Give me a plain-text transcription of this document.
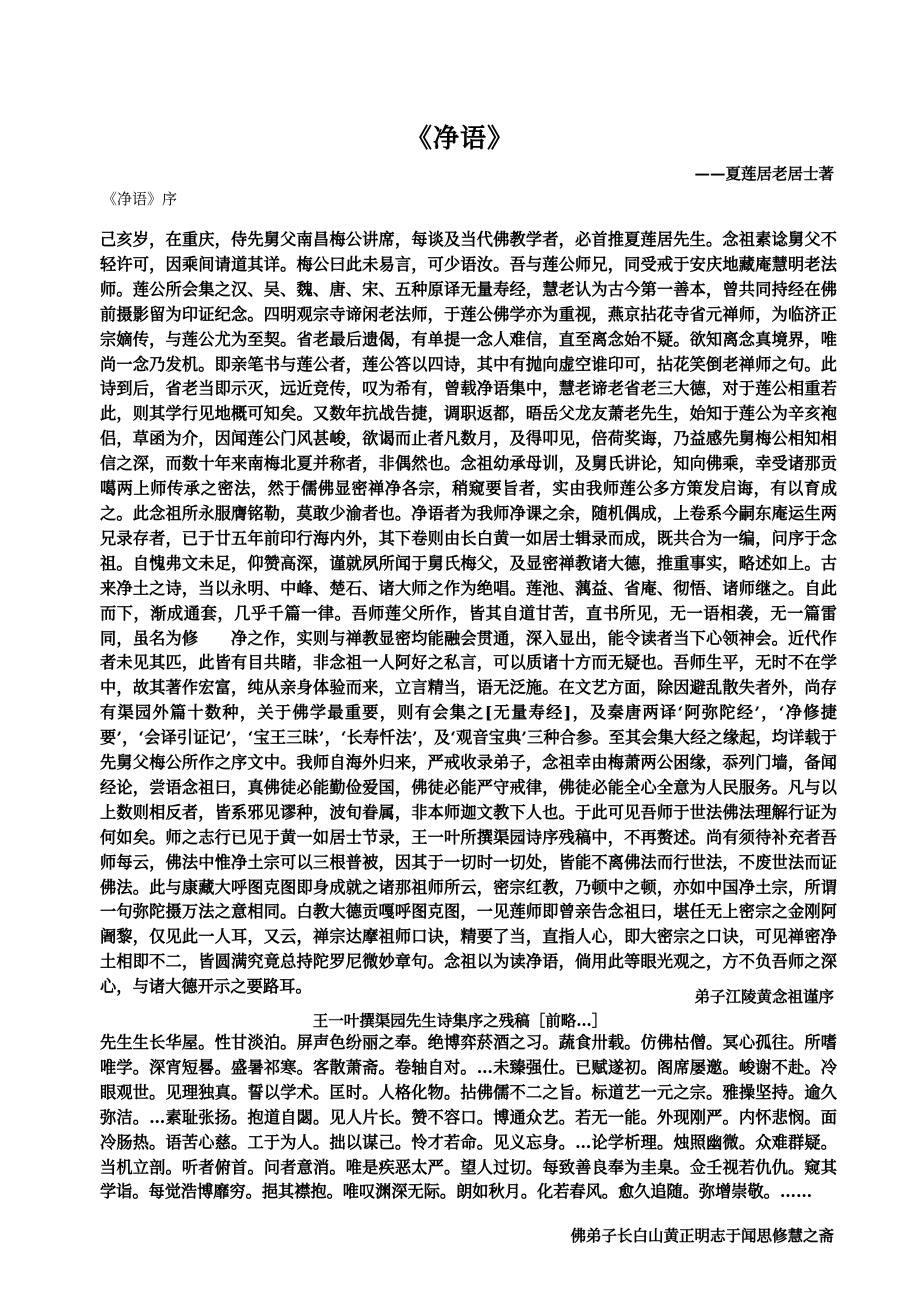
《净语》
——夏莲居老居士著
《净语》序
己亥岁，在重庆，侍先舅父南昌梅公讲席，每谈及当代佛教学者，必首推夏莲居先生。念祖素谂舅父不轻许可，因乘间请道其详。梅公曰此未易言，可少语汝。吾与莲公师兄，同受戒于安庆地藏庵慧明老法师。莲公所会集之汉、吴、魏、唐、宋、五种原译无量寿经，慧老认为古今第一善本，曾共同持经在佛前摄影留为印证纪念。四明观宗寺谛闲老法师，于莲公佛学亦为重视，燕京拈花寺省元禅师，为临济正宗嫡传，与莲公尤为至契。省老最后遗偈，有单提一念人难信，直至离念始不疑。欲知离念真境界，唯尚一念乃发机。即亲笔书与莲公者，莲公答以四诗，其中有抛向虚空谁印可，拈花笑倒老禅师之句。此诗到后，省老当即示灭，远近竞传，叹为希有，曾载净语集中，慧老谛老省老三大德，对于莲公相重若此，则其学行见地概可知矣。又数年抗战告捷，调职返都，晤岳父龙友萧老先生，始知于莲公为辛亥袍侣，草函为介，因闻莲公门风甚峻，欲谒而止者凡数月，及得叩见，倍荷奖诲，乃益感先舅梅公相知相信之深，而数十年来南梅北夏并称者，非偶然也。念祖幼承母训，及舅氏讲论，知向佛乘，幸受诸那贡噶两上师传承之密法，然于儒佛显密禅净各宗，稍窥要旨者，实由我师莲公多方策发启诲，有以育成之。此念祖所永服膺铭勒，莫敢少渝者也。净语者为我师净课之余，随机偶成，上卷系今嗣东庵运生两兄录存者，已于廿五年前印行海内外，其下卷则由长白黄一如居士辑录而成，既共合为一编，问序于念祖。自愧弗文未足，仰赞高深，谨就夙所闻于舅氏梅父，及显密禅教诸大德，推重事实，略述如上。古来净土之诗，当以永明、中峰、楚石、诸大师之作为绝唱。莲池、蕅益、省庵、彻悟、诸师继之。自此而下，渐成通套，几乎千篇一律。吾师莲父所作，皆其自道甘苦，直书所见，无一语相袭，无一篇雷同，虽名为修　　净之作，实则与禅教显密均能融会贯通，深入显出，能令读者当下心领神会。近代作者未见其匹，此皆有目共睹，非念祖一人阿好之私言，可以质诸十方而无疑也。吾师生平，无时不在学中，故其著作宏富，纯从亲身体验而来，立言精当，语无泛施。在文艺方面，除因避乱散失者外，尚存有渠园外篇十数种，关于佛学最重要，则有会集之[无量寿经]，及秦唐两译‘阿弥陀经’，‘净修捷要’，‘会译引证记’，‘宝王三昧’，‘长寿忏法’，及‘观音宝典’三种合参。至其会集大经之缘起，均详载于先舅父梅公所作之序文中。我师自海外归来，严戒收录弟子，念祖幸由梅萧两公困缘，忝列门墙，备闻经论，尝语念祖曰，真佛徒必能勤俭爱国，佛徒必能严守戒律，佛徒必能全心全意为人民服务。凡与以上数则相反者，皆系邪见谬种，波旬眷属，非本师迦文教下人也。于此可见吾师于世法佛法理解行证为何如矣。师之志行已见于黄一如居士节录，王一叶所撰渠园诗序残稿中，不再赘述。尚有须待补充者吾师每云，佛法中惟净土宗可以三根普被，因其于一切时一切处，皆能不离佛法而行世法，不废世法而证佛法。此与康藏大呼图克图即身成就之诸那祖师所云，密宗红教，乃顿中之顿，亦如中国净土宗，所谓一句弥陀摄万法之意相同。白教大德贡嘎呼图克图，一见莲师即曾亲告念祖曰，堪任无上密宗之金刚阿阇黎，仅见此一人耳，又云，禅宗达摩祖师口诀，精要了当，直指人心，即大密宗之口诀，可见禅密净土相即不二，皆圆满究竟总持陀罗尼微妙章句。念祖以为读净语，倘用此等眼光观之，方不负吾师之深心，与诸大德开示之要路耳。
弟子江陵黄念祖谨序
王一叶撰渠园先生诗集序之残稿［前略…］
先生生长华屋。性甘淡泊。屏声色纷丽之奉。绝博弈菸酒之习。蔬食卅载。仿佛枯僧。冥心孤往。所嗜唯学。深宵短晷。盛暑祁寒。客散萧斋。卷轴自对。…未臻强仕。已赋遂初。阁席屡邀。峻谢不赴。冷眼观世。见理独真。誓以学术。匡时。人格化物。拈佛儒不二之旨。标道艺一元之宗。雅操坚持。逾久弥洁。…素耻张扬。抱道自閟。见人片长。赞不容口。博通众艺。若无一能。外现刚严。内怀悲悯。面冷肠热。语苦心慈。工于为人。拙以谋己。怜才若命。见义忘身。…论学析理。烛照幽微。众难群疑。当机立剖。听者俯首。问者意消。唯是疾恶太严。望人过切。每致善良奉为圭臬。佥壬视若仇仇。窥其学诣。每觉浩博靡穷。挹其襟抱。唯叹渊深无际。朗如秋月。化若春风。愈久追随。弥增崇敬。……
佛弟子长白山黄正明志于闻思修慧之斋
